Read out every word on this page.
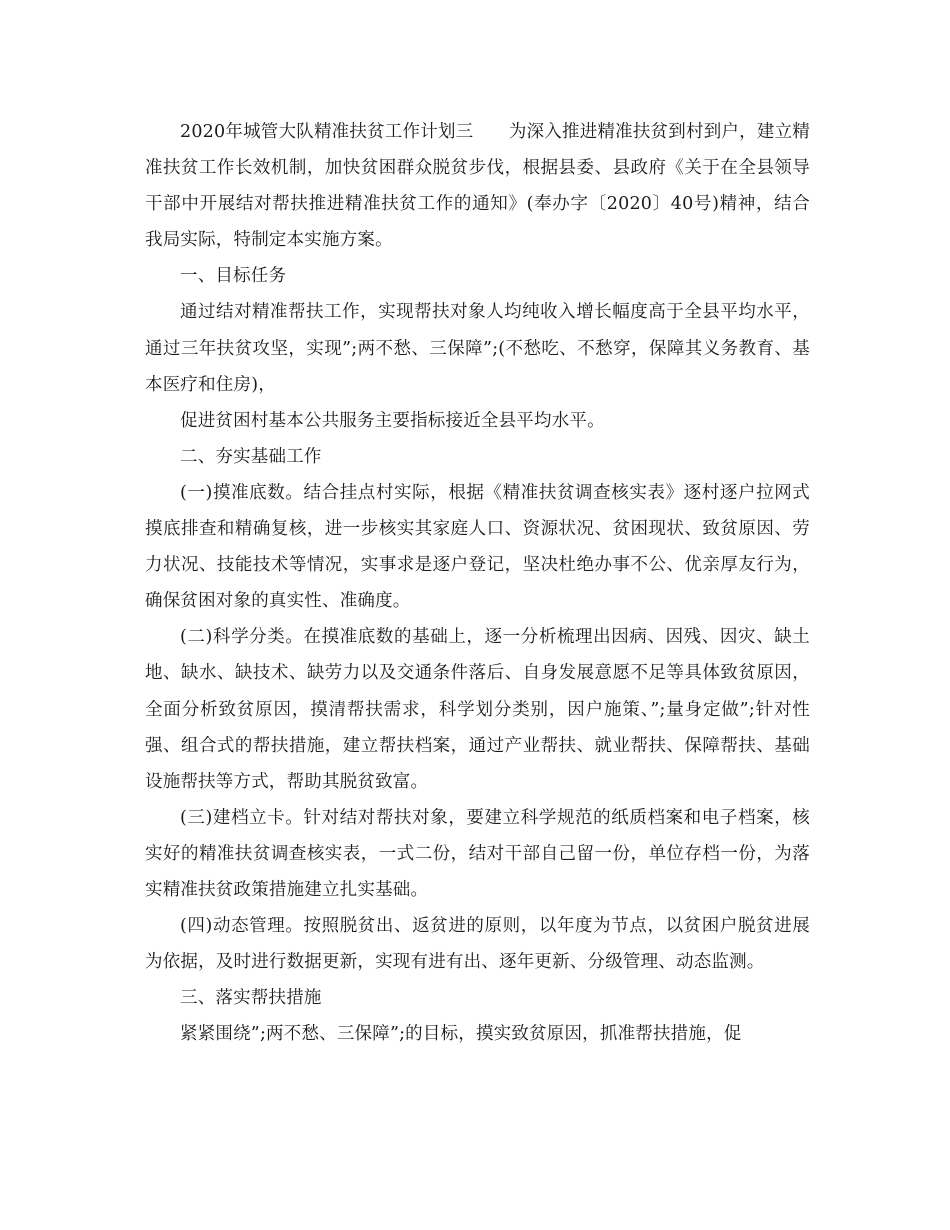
2020年城管大队精准扶贫工作计划三　　为深入推进精准扶贫到村到户，建立精准扶贫工作长效机制，加快贫困群众脱贫步伐，根据县委、县政府《关于在全县领导干部中开展结对帮扶推进精准扶贫工作的通知》(奉办字〔2020〕40号)精神，结合我局实际，特制定本实施方案。

一、目标任务

通过结对精准帮扶工作，实现帮扶对象人均纯收入增长幅度高于全县平均水平，通过三年扶贫攻坚，实现”;两不愁、三保障”;(不愁吃、不愁穿，保障其义务教育、基本医疗和住房)，

促进贫困村基本公共服务主要指标接近全县平均水平。

二、夯实基础工作

(一)摸准底数。结合挂点村实际，根据《精准扶贫调查核实表》逐村逐户拉网式摸底排查和精确复核，进一步核实其家庭人口、资源状况、贫困现状、致贫原因、劳力状况、技能技术等情况，实事求是逐户登记，坚决杜绝办事不公、优亲厚友行为，确保贫困对象的真实性、准确度。

(二)科学分类。在摸准底数的基础上，逐一分析梳理出因病、因残、因灾、缺土地、缺水、缺技术、缺劳力以及交通条件落后、自身发展意愿不足等具体致贫原因，全面分析致贫原因，摸清帮扶需求，科学划分类别，因户施策、”;量身定做”;针对性强、组合式的帮扶措施，建立帮扶档案，通过产业帮扶、就业帮扶、保障帮扶、基础设施帮扶等方式，帮助其脱贫致富。

(三)建档立卡。针对结对帮扶对象，要建立科学规范的纸质档案和电子档案，核实好的精准扶贫调查核实表，一式二份，结对干部自己留一份，单位存档一份，为落实精准扶贫政策措施建立扎实基础。

(四)动态管理。按照脱贫出、返贫进的原则，以年度为节点，以贫困户脱贫进展为依据，及时进行数据更新，实现有进有出、逐年更新、分级管理、动态监测。

三、落实帮扶措施

紧紧围绕”;两不愁、三保障”;的目标，摸实致贫原因，抓准帮扶措施，促
